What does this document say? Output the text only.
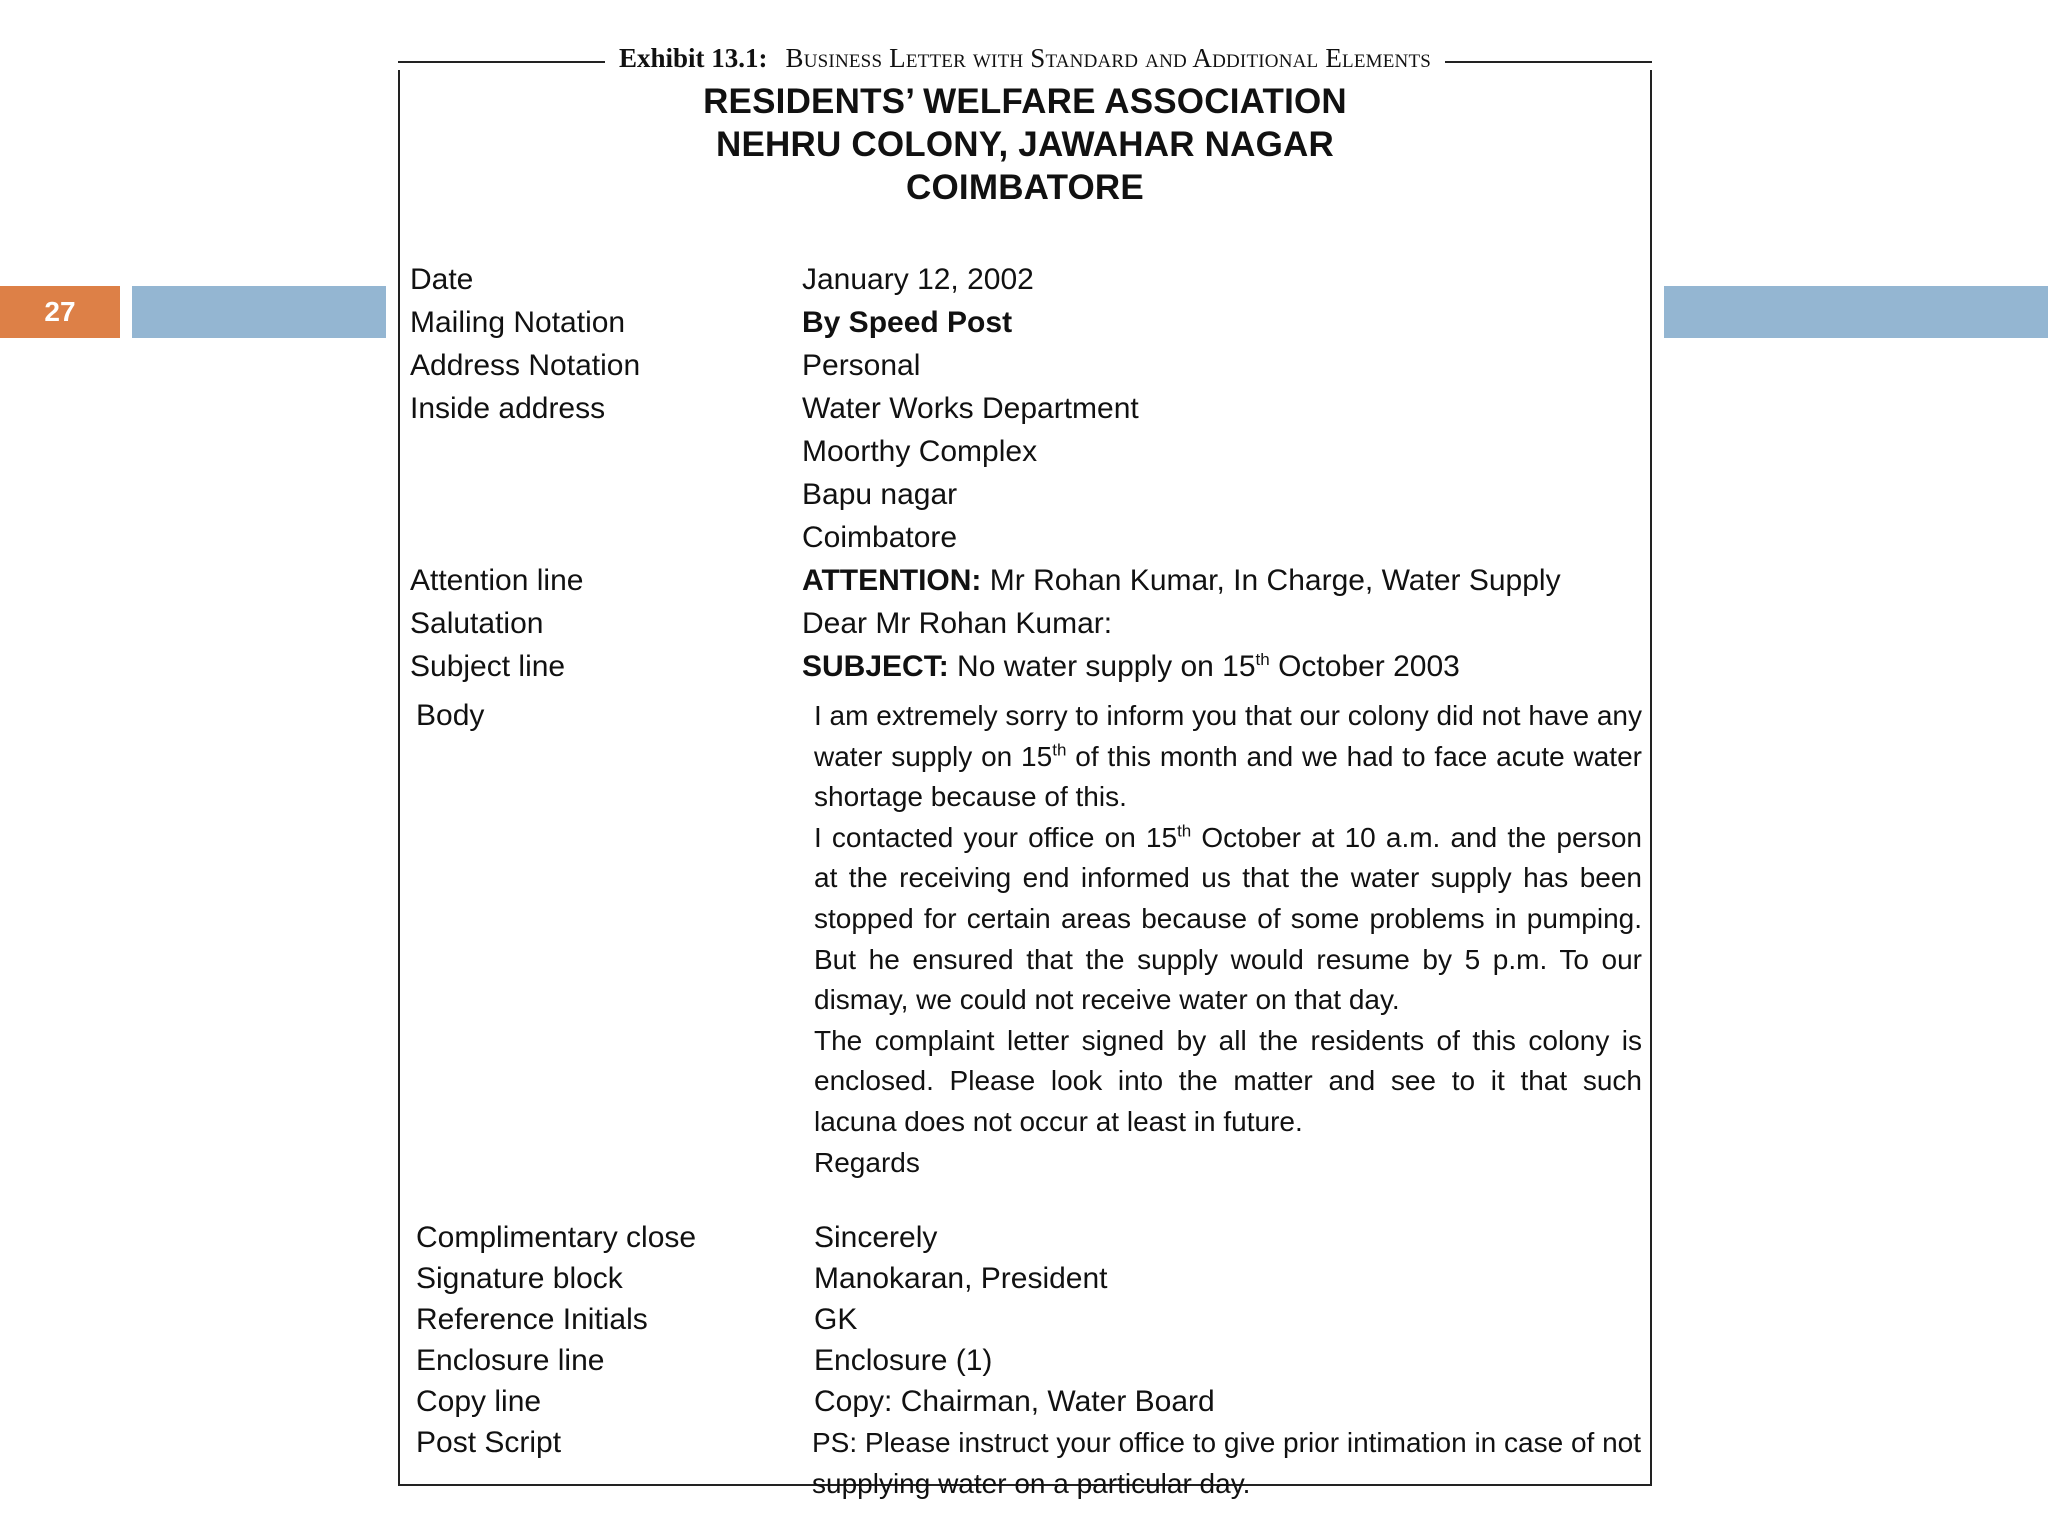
27
Exhibit 13.1: Business Letter with Standard and Additional Elements
RESIDENTS’ WELFARE ASSOCIATION
NEHRU COLONY, JAWAHAR NAGAR
COIMBATORE
Date	January 12, 2002
Mailing Notation	By Speed Post
Address Notation	Personal
Inside address	Water Works Department
Moorthy Complex
Bapu nagar
Coimbatore
Attention line	ATTENTION: Mr Rohan Kumar, In Charge, Water Supply
Salutation	Dear Mr Rohan Kumar:
Subject line	SUBJECT: No water supply on 15th October 2003
Body	I am extremely sorry to inform you that our colony did not have any water supply on 15th of this month and we had to face acute water shortage because of this.

I contacted your office on 15th October at 10 a.m. and the person at the receiving end informed us that the water supply has been stopped for certain areas because of some problems in pumping. But he ensured that the supply would resume by 5 p.m. To our dismay, we could not receive water on that day.

The complaint letter signed by all the residents of this colony is enclosed. Please look into the matter and see to it that such lacuna does not occur at least in future.

Regards

Complimentary close	Sincerely
Signature block	Manokaran, President
Reference Initials	GK
Enclosure line	Enclosure (1)
Copy line	Copy: Chairman, Water Board
Post Script	PS: Please instruct your office to give prior intimation in case of not
supplying water on a particular day.
